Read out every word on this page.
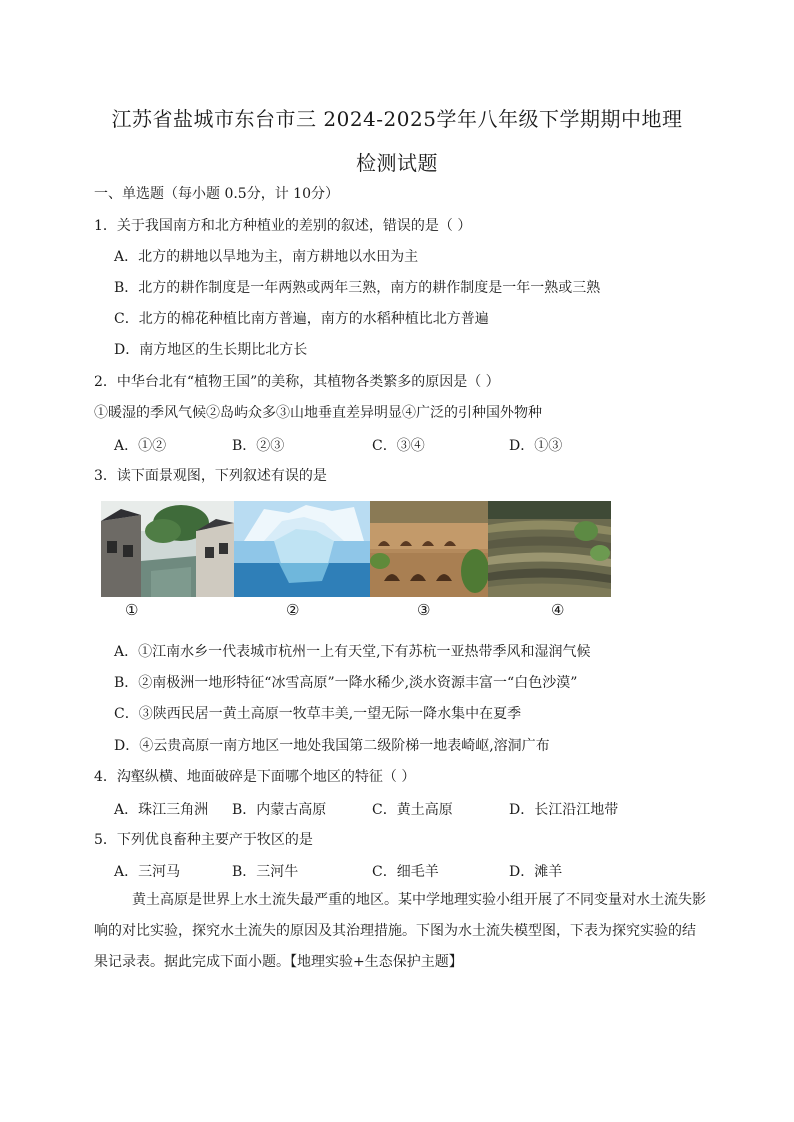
江苏省盐城市东台市三 2024-2025学年八年级下学期期中地理
检测试题
一、单选题（每小题 0.5分，计 10分）
1．关于我国南方和北方种植业的差别的叙述，错误的是（ ）
A．北方的耕地以旱地为主，南方耕地以水田为主
B．北方的耕作制度是一年两熟或两年三熟，南方的耕作制度是一年一熟或三熟
C．北方的棉花种植比南方普遍，南方的水稻种植比北方普遍
D．南方地区的生长期比北方长
2．中华台北有“植物王国”的美称，其植物各类繁多的原因是（ ）
①暖湿的季风气候②岛屿众多③山地垂直差异明显④广泛的引种国外物种
A．①②	B．②③	C．③④	D．①③
3．读下面景观图，下列叙述有误的是
①	②	③	④
A．①江南水乡一代表城市杭州一上有天堂,下有苏杭一亚热带季风和湿润气候
B．②南极洲一地形特征“冰雪高原”一降水稀少,淡水资源丰富一“白色沙漠”
C．③陕西民居一黄土高原一牧草丰美,一望无际一降水集中在夏季
D．④云贵高原一南方地区一地处我国第二级阶梯一地表崎岖,溶洞广布
4．沟壑纵横、地面破碎是下面哪个地区的特征（ ）
A．珠江三角洲 B．内蒙古高原	C．黄土高原	D．长江沿江地带
5．下列优良畜种主要产于牧区的是
A．三河马	B．三河牛	C．细毛羊	D．滩羊
黄土高原是世界上水土流失最严重的地区。某中学地理实验小组开展了不同变量对水土流失影响的对比实验，探究水土流失的原因及其治理措施。下图为水土流失模型图，下表为探究实验的结果记录表。据此完成下面小题。【地理实验+生态保护主题】
